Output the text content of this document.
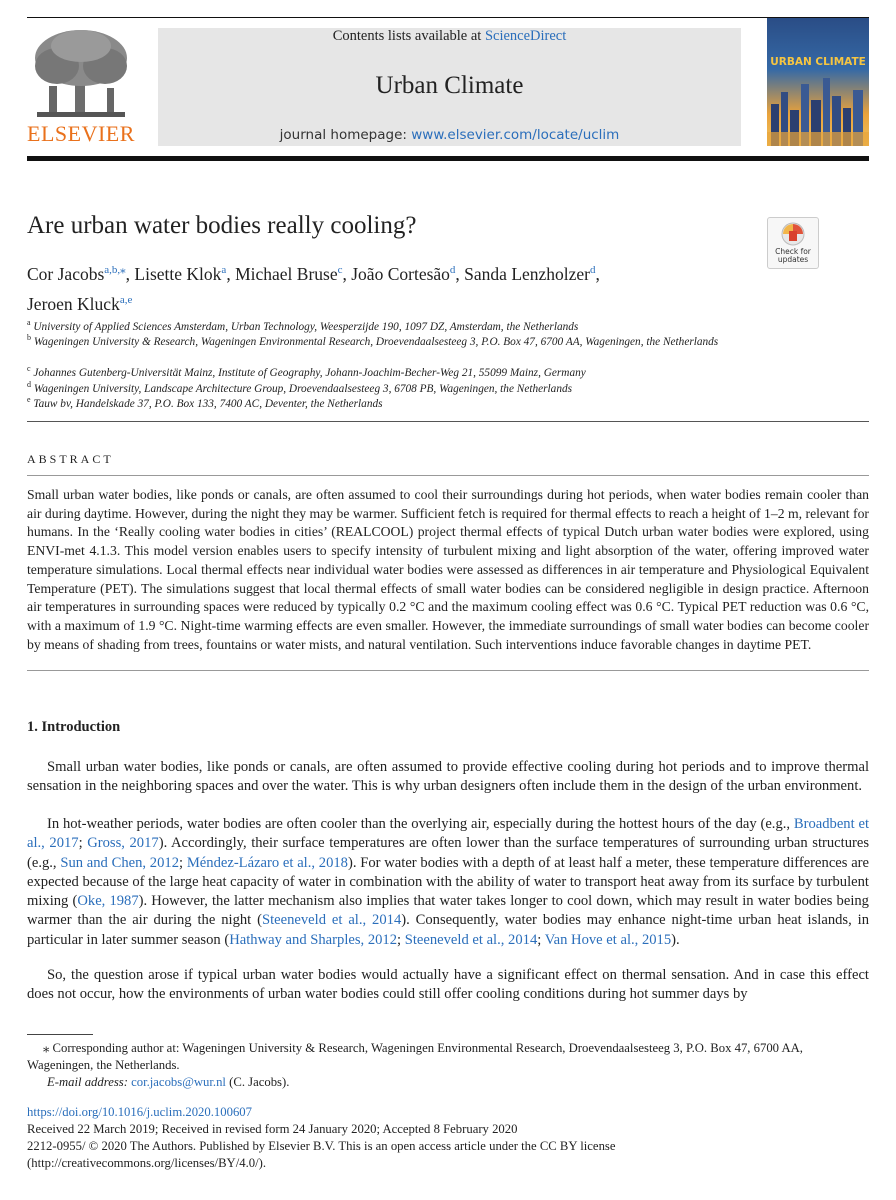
ELSEVIER
Contents lists available at ScienceDirect
Urban Climate
journal homepage: www.elsevier.com/locate/uclim
URBAN CLIMATE
Are urban water bodies really cooling?
Check for updates
Cor Jacobs$^{a,b,⁎}$, Lisette Klok$^a$, Michael Bruse$^c$, João Cortesão$^d$, Sanda Lenzholzer$^d$,
Jeroen Kluck$^{a,e}$
$^a$ University of Applied Sciences Amsterdam, Urban Technology, Weesperzijde 190, 1097 DZ, Amsterdam, the Netherlands
$^b$ Wageningen University & Research, Wageningen Environmental Research, Droevendaalsesteeg 3, P.O. Box 47, 6700 AA, Wageningen, the Netherlands
$^c$ Johannes Gutenberg-Universität Mainz, Institute of Geography, Johann-Joachim-Becher-Weg 21, 55099 Mainz, Germany
$^d$ Wageningen University, Landscape Architecture Group, Droevendaalsesteeg 3, 6708 PB, Wageningen, the Netherlands
$^e$ Tauw bv, Handelskade 37, P.O. Box 133, 7400 AC, Deventer, the Netherlands
ABSTRACT
Small urban water bodies, like ponds or canals, are often assumed to cool their surroundings during hot periods, when water bodies remain cooler than air during daytime. However, during the night they may be warmer. Sufficient fetch is required for thermal effects to reach a height of 1–2 m, relevant for humans. In the ‘Really cooling water bodies in cities’ (REALCOOL) project thermal effects of typical Dutch urban water bodies were explored, using ENVI-met 4.1.3. This model version enables users to specify intensity of turbulent mixing and light absorption of the water, offering improved water temperature simulations. Local thermal effects near individual water bodies were assessed as differences in air temperature and Physiological Equivalent Temperature (PET). The simulations suggest that local thermal effects of small water bodies can be considered negligible in design practice. Afternoon air temperatures in surrounding spaces were reduced by typically 0.2 °C and the maximum cooling effect was 0.6 °C. Typical PET reduction was 0.6 °C, with a maximum of 1.9 °C. Night-time warming effects are even smaller. However, the immediate surroundings of small water bodies can become cooler by means of shading from trees, fountains or water mists, and natural ventilation. Such interventions induce favorable changes in daytime PET.
1. Introduction
Small urban water bodies, like ponds or canals, are often assumed to provide effective cooling during hot periods and to improve thermal sensation in the neighboring spaces and over the water. This is why urban designers often include them in the design of the urban environment.
In hot-weather periods, water bodies are often cooler than the overlying air, especially during the hottest hours of the day (e.g., Broadbent et al., 2017; Gross, 2017). Accordingly, their surface temperatures are often lower than the surface temperatures of surrounding urban structures (e.g., Sun and Chen, 2012; Méndez-Lázaro et al., 2018). For water bodies with a depth of at least half a meter, these temperature differences are expected because of the large heat capacity of water in combination with the ability of water to transport heat away from its surface by turbulent mixing (Oke, 1987). However, the latter mechanism also implies that water takes longer to cool down, which may result in water bodies being warmer than the air during the night (Steeneveld et al., 2014). Consequently, water bodies may enhance night-time urban heat islands, in particular in later summer season (Hathway and Sharples, 2012; Steeneveld et al., 2014; Van Hove et al., 2015).
So, the question arose if typical urban water bodies would actually have a significant effect on thermal sensation. And in case this effect does not occur, how the environments of urban water bodies could still offer cooling conditions during hot summer days by
⁎ Corresponding author at: Wageningen University & Research, Wageningen Environmental Research, Droevendaalsesteeg 3, P.O. Box 47, 6700 AA, Wageningen, the Netherlands.
E-mail address: cor.jacobs@wur.nl (C. Jacobs).
https://doi.org/10.1016/j.uclim.2020.100607
Received 22 March 2019; Received in revised form 24 January 2020; Accepted 8 February 2020
2212-0955/ © 2020 The Authors. Published by Elsevier B.V. This is an open access article under the CC BY license
(http://creativecommons.org/licenses/BY/4.0/).
